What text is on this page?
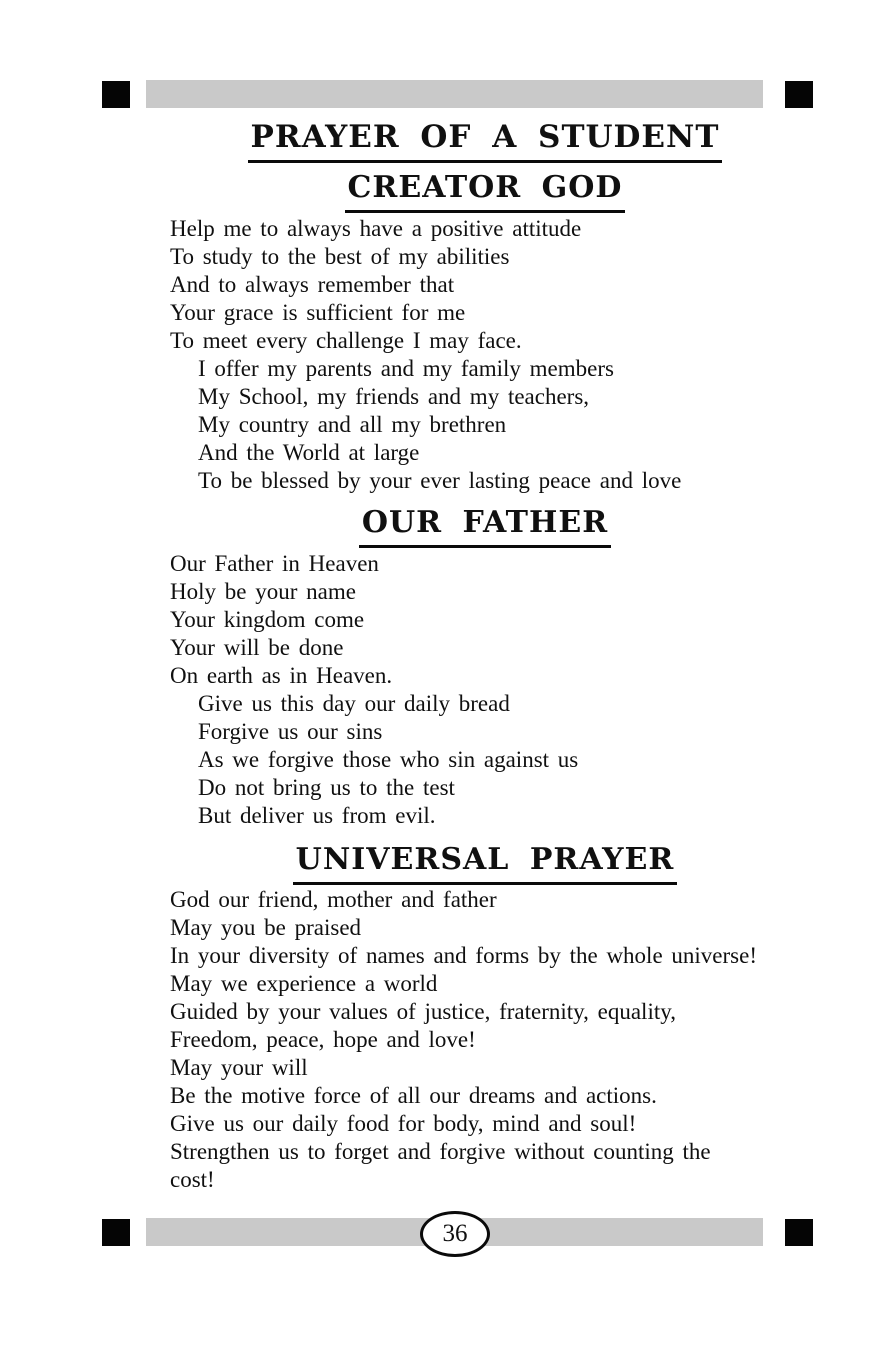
PRAYER OF A STUDENT
CREATOR GOD
Help me to always have a positive attitude
To study to the best of my abilities
And to always remember that
Your grace is sufficient for me
To meet every challenge I may face.
I offer my parents and my family members
My School, my friends and my teachers,
My country and all my brethren
And the World at large
To be blessed by your ever lasting peace and love
OUR FATHER
Our Father in Heaven
Holy be your name
Your kingdom come
Your will be done
On earth as in Heaven.
Give us this day our daily bread
Forgive us our sins
As we forgive those who sin against us
Do not bring us to the test
But deliver us from evil.
UNIVERSAL PRAYER
God our friend, mother and father
May you be praised
In your diversity of names and forms by the whole universe!
May we experience a world
Guided by your values of justice, fraternity, equality,
Freedom, peace, hope and love!
May your will
Be the motive force of all our dreams and actions.
Give us our daily food for body, mind and soul!
Strengthen us to forget and forgive without counting the
cost!
36
